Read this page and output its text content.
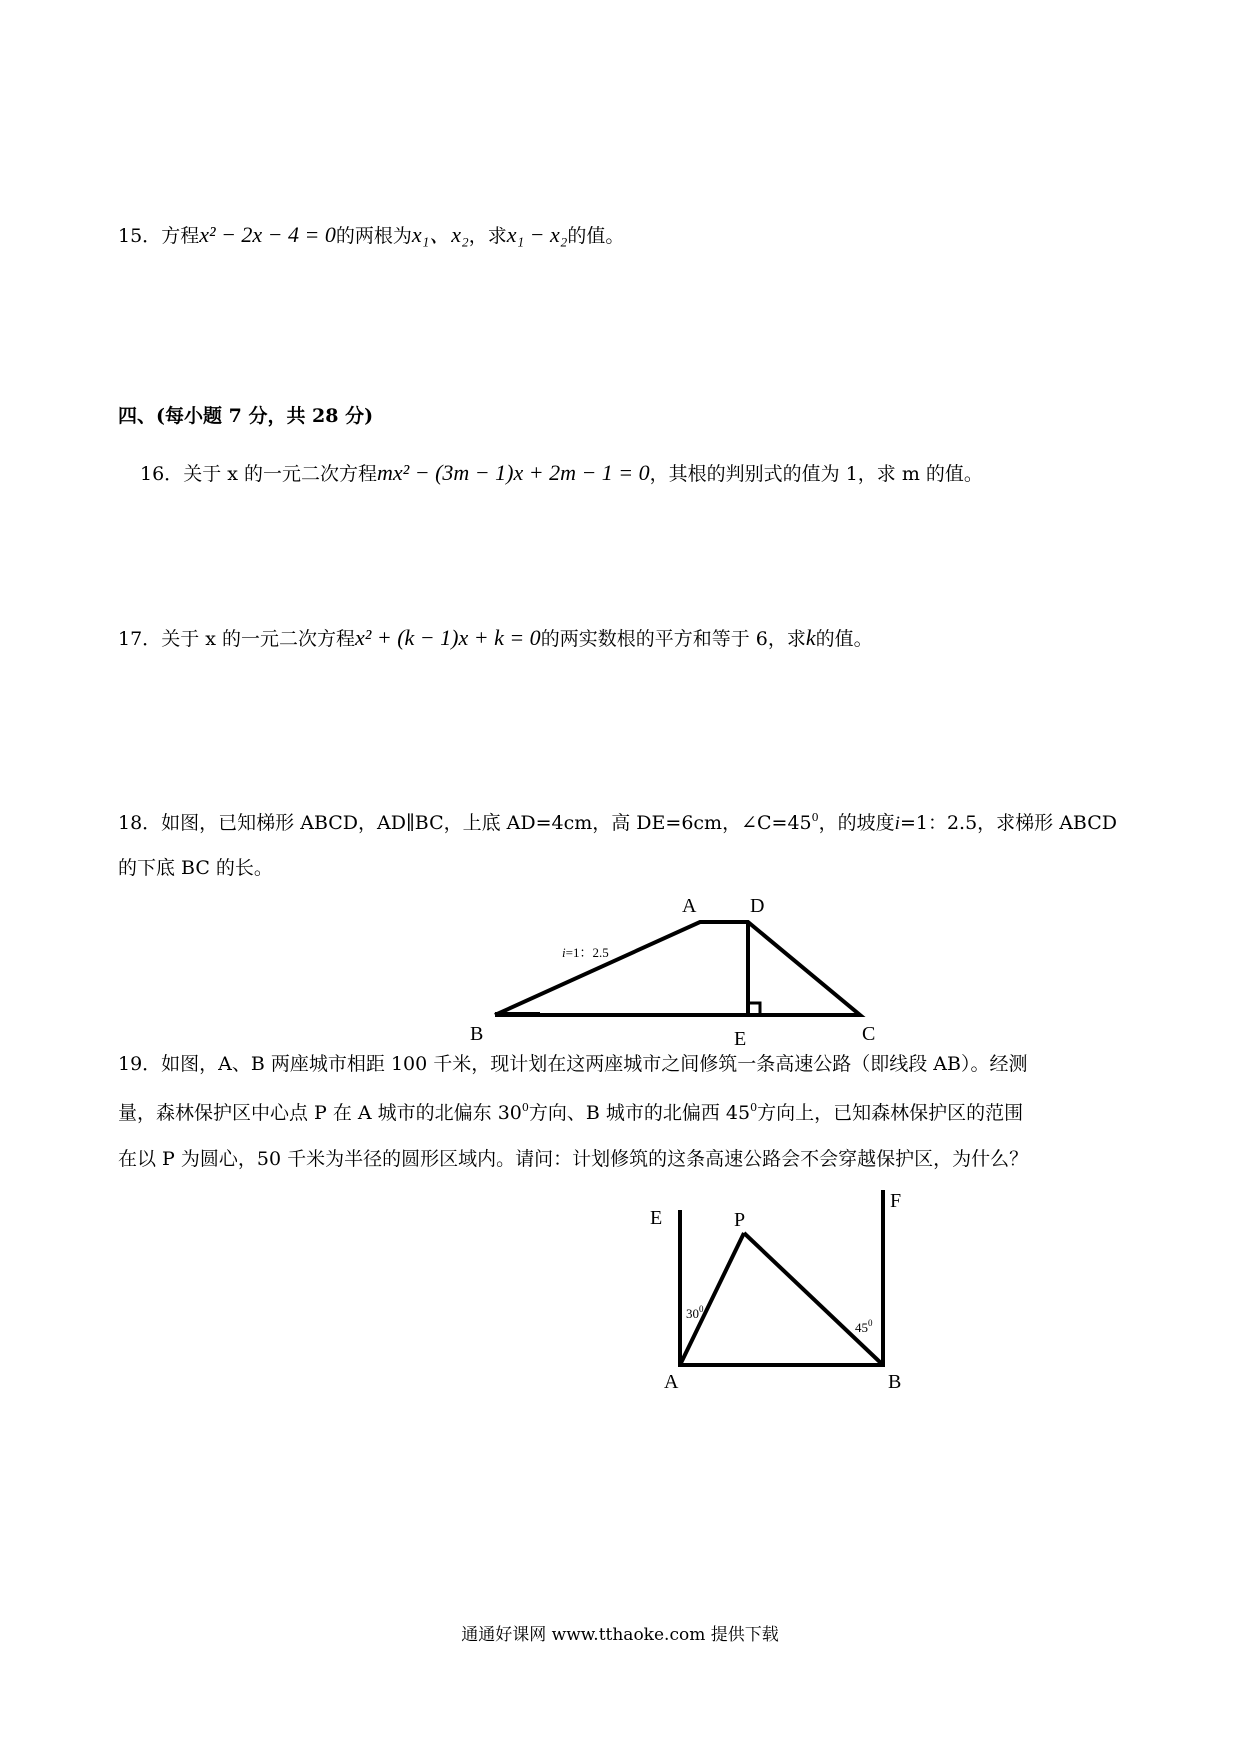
15．方程x² − 2x − 4 = 0的两根为x₁、x₂，求x₁ − x₂的值。
四、(每小题 7 分，共 28 分)
16．关于 x 的一元二次方程mx² − (3m − 1)x + 2m − 1 = 0，其根的判别式的值为 1，求 m 的值。
17．关于 x 的一元二次方程x² + (k − 1)x + k = 0的两实数根的平方和等于 6，求k的值。
18．如图，已知梯形 ABCD，AD∥BC，上底 AD=4cm，高 DE=6cm，$\angle C=45^0$，的坡度i=1：2.5，求梯形 ABCD
的下底 BC 的长。
A	D
B	E	C
i=1：2.5
19．如图，A、B 两座城市相距 100 千米，现计划在这两座城市之间修筑一条高速公路（即线段 AB）。经测
量，森林保护区中心点 P 在 A 城市的北偏东 $30^0$方向、B 城市的北偏西 $45^0$方向上，已知森林保护区的范围
在以 P 为圆心，50 千米为半径的圆形区域内。请问：计划修筑的这条高速公路会不会穿越保护区，为什么？
E	P
F
A	B
$30^0$
$45^0$
通通好课网 www.tthaoke.com 提供下载
